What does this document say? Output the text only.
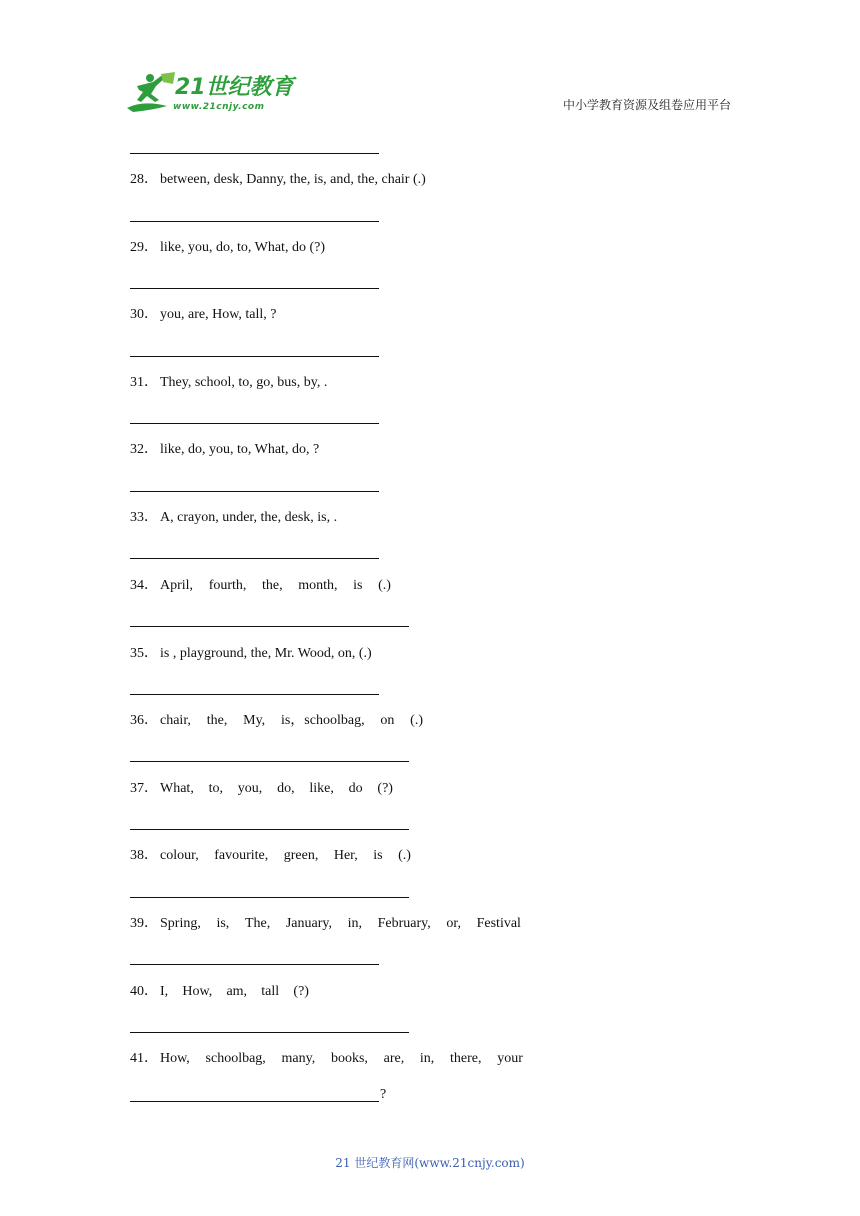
21世纪教育
www.21cnjy.com	中小学教育资源及组卷应用平台
28． between, desk, Danny, the, is, and, the, chair (.)
29． like, you, do, to, What, do (?)
30． you, are, How, tall, ?
31． They, school, to, go, bus, by, .
32． like, do, you, to, What, do, ?
33． A, crayon, under, the, desk, is, .
34． April, fourth, the, month, is (.)
35． is , playground, the, Mr. Wood, on, (.)
36． chair, the, My, is，schoolbag, on (.)
37． What, to, you, do, like, do (?)
38． colour, favourite, green, Her, is (.)
39． Spring, is, The, January, in, February, or, Festival
40． I, How, am, tall (?)
41． How, schoolbag, many, books, are, in, there, your
?
21 世纪教育网(www.21cnjy.com)
